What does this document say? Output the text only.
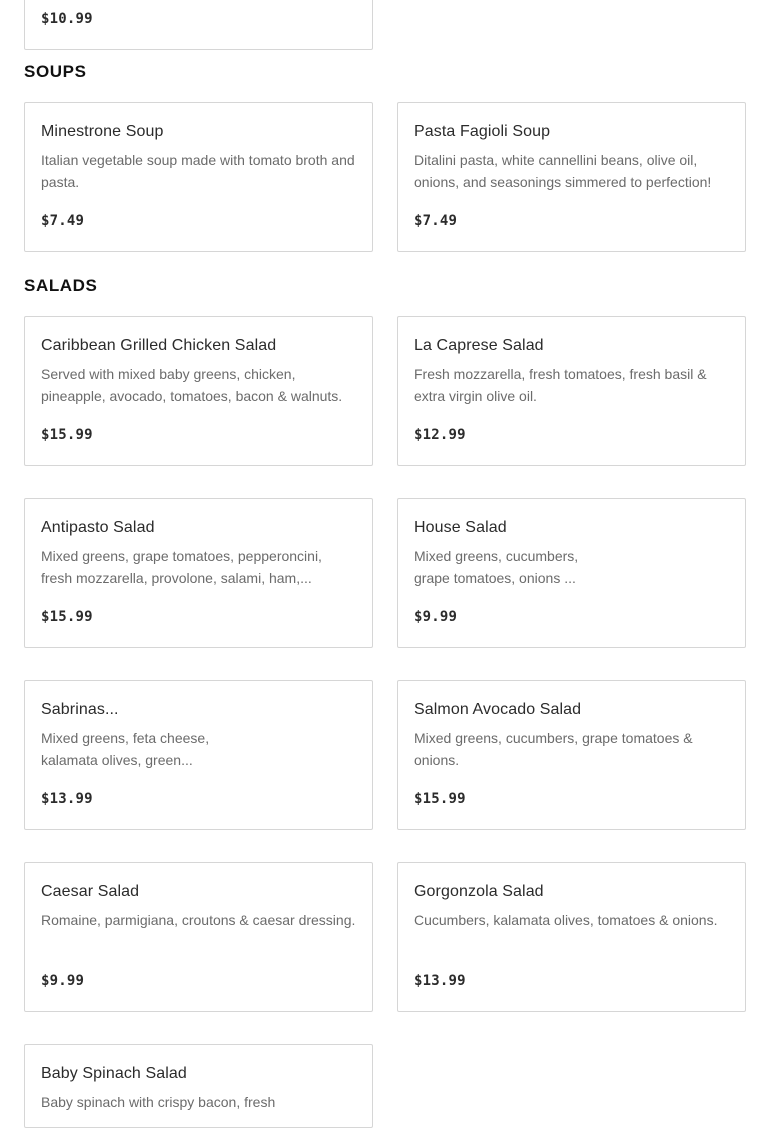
$10.99
SOUPS
Minestrone Soup
Italian vegetable soup made with tomato broth and pasta.
$7.49
Pasta Fagioli Soup
Ditalini pasta, white cannellini beans, olive oil, onions, and seasonings simmered to perfection!
$7.49
SALADS
Caribbean Grilled Chicken Salad
Served with mixed baby greens, chicken, pineapple, avocado, tomatoes, bacon & walnuts.
$15.99
La Caprese Salad
Fresh mozzarella, fresh tomatoes, fresh basil & extra virgin olive oil.
$12.99
Antipasto Salad
Mixed greens, grape tomatoes, pepperoncini, fresh mozzarella, provolone, salami, ham,...
$15.99
House Salad
Mixed greens, cucumbers,
grape tomatoes, onions ...
$9.99
Sabrinas...
Mixed greens, feta cheese,
kalamata olives, green...
$13.99
Salmon Avocado Salad
Mixed greens, cucumbers, grape tomatoes & onions.
$15.99
Caesar Salad
Romaine, parmigiana, croutons & caesar dressing.
$9.99
Gorgonzola Salad
Cucumbers, kalamata olives, tomatoes & onions.
$13.99
Baby Spinach Salad
Baby spinach with crispy bacon, fresh
